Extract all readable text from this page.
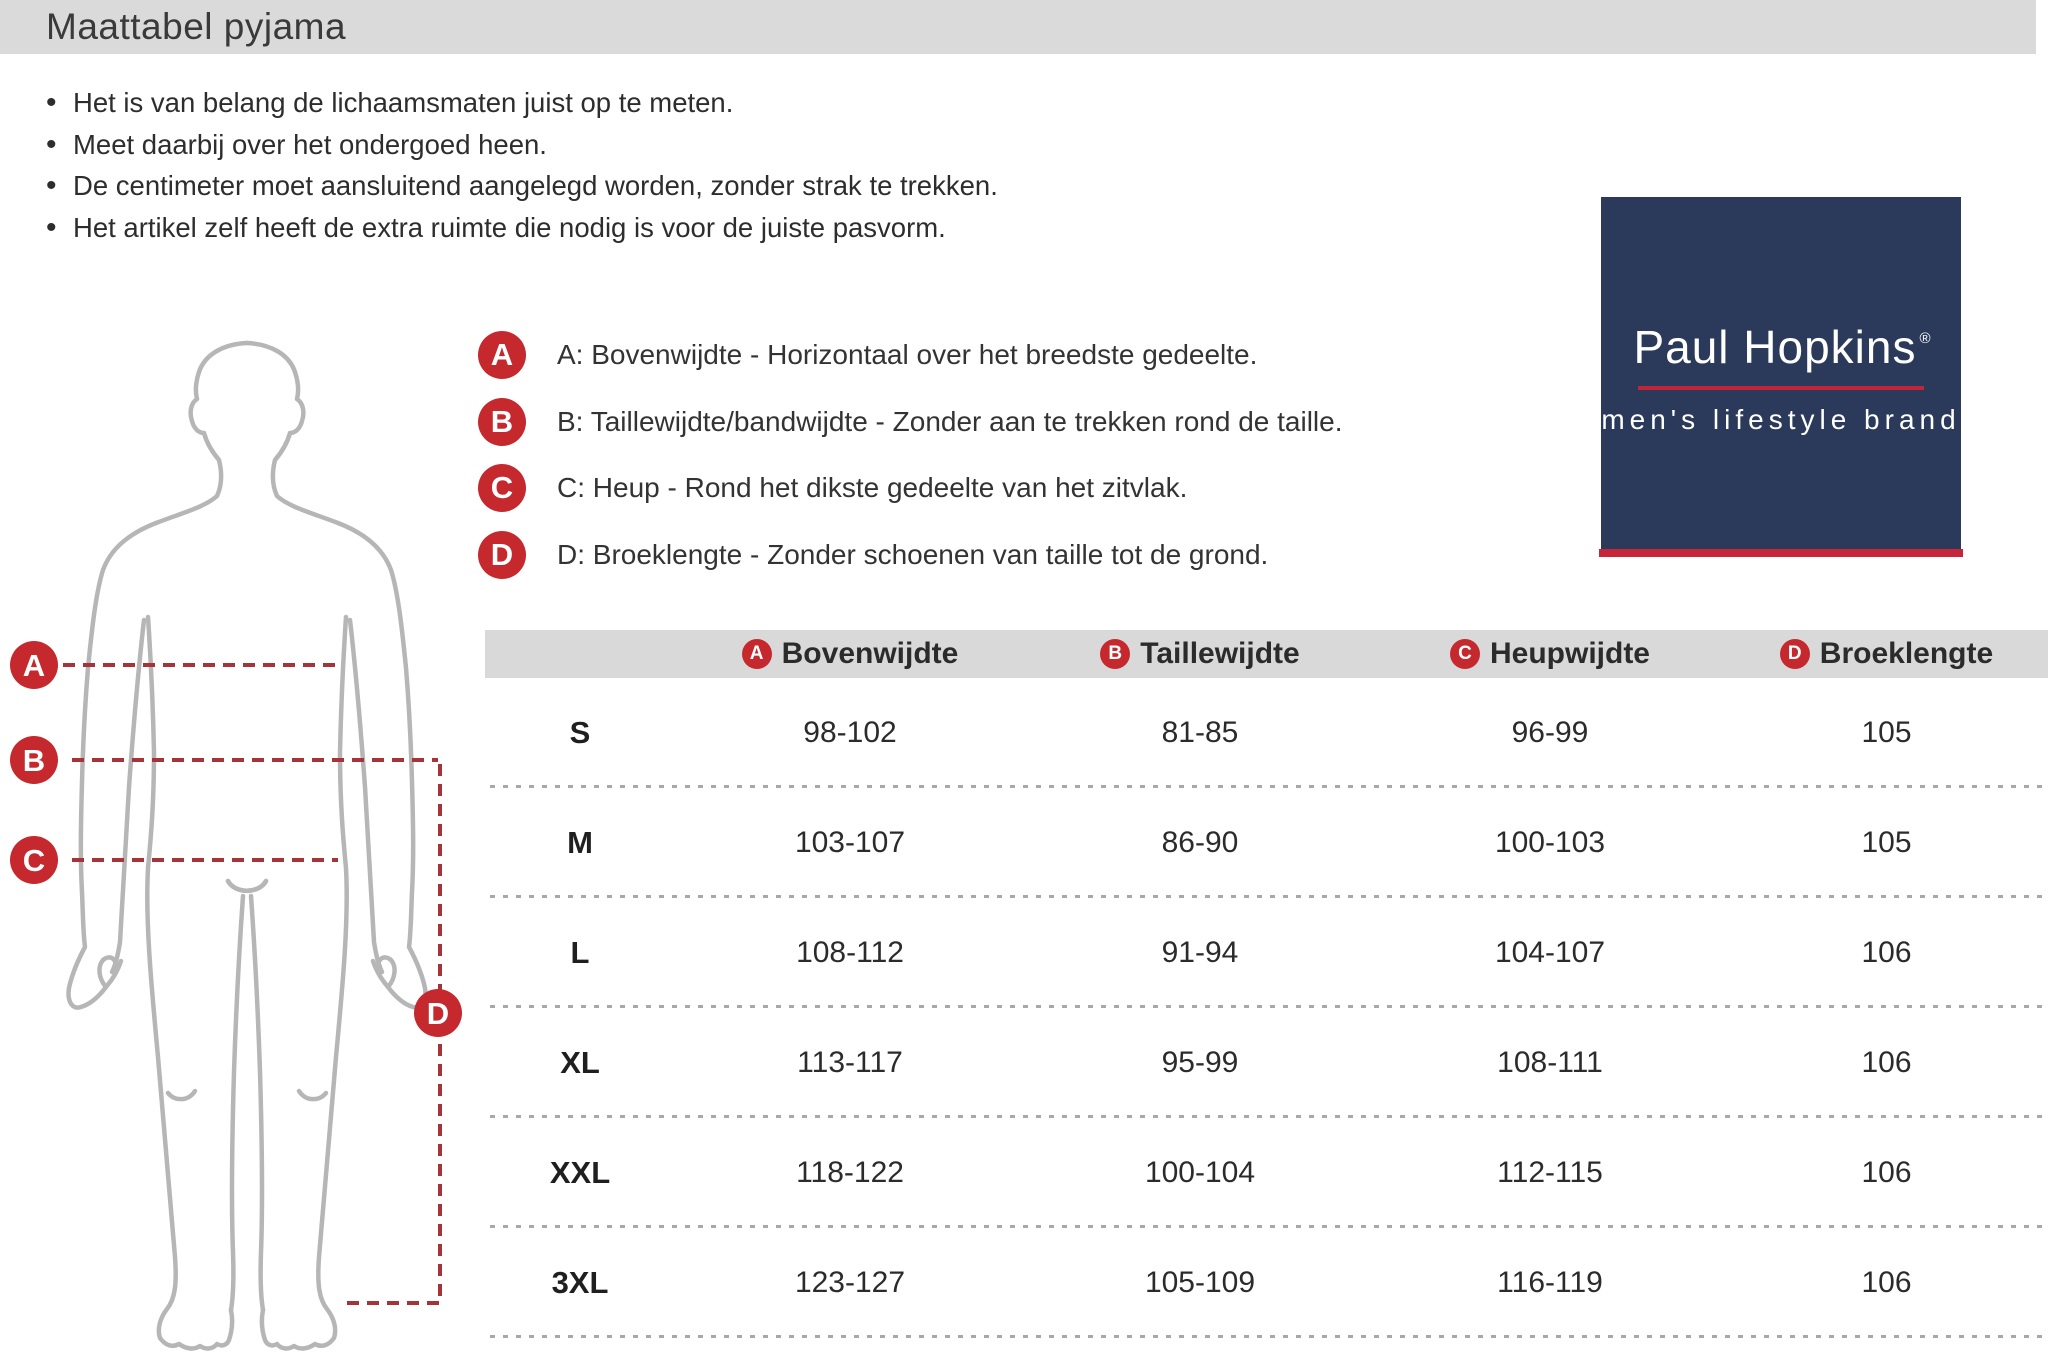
Maattabel pyjama
• Het is van belang de lichaamsmaten juist op te meten.
• Meet daarbij over het ondergoed heen.
• De centimeter moet aansluitend aangelegd worden, zonder strak te trekken.
• Het artikel zelf heeft de extra ruimte die nodig is voor de juiste pasvorm.
A	A: Bovenwijdte - Horizontaal over het breedste gedeelte.
B	B: Taillewijdte/bandwijdte - Zonder aan te trekken rond de taille.
C	C: Heup - Rond het dikste gedeelte van het zitvlak.
D	D: Broeklengte - Zonder schoenen van taille tot de grond.
Paul Hopkins ®
men's lifestyle brand
A
B
C
D
A Bovenwijdte	B Taillewijdte	C Heupwijdte	D Broeklengte
S	98-102	81-85	96-99	105
M	103-107	86-90	100-103	105
L	108-112	91-94	104-107	106
XL	113-117	95-99	108-111	106
XXL	118-122	100-104	112-115	106
3XL	123-127	105-109	116-119	106
